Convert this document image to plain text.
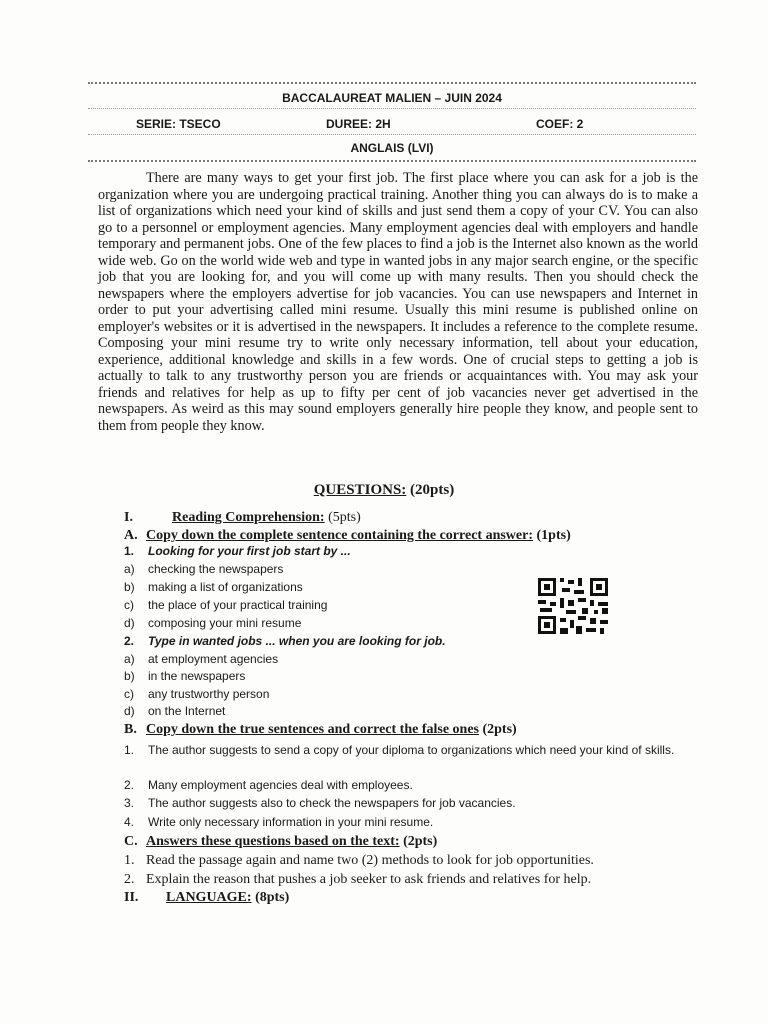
BACCALAUREAT MALIEN – JUIN 2024
SERIE: TSECO	DUREE: 2H	COEF: 2
ANGLAIS (LVI)
There are many ways to get your first job. The first place where you can ask for a job is the organization where you are undergoing practical training. Another thing you can always do is to make a list of organizations which need your kind of skills and just send them a copy of your CV. You can also go to a personnel or employment agencies. Many employment agencies deal with employers and handle temporary and permanent jobs. One of the few places to find a job is the Internet also known as the world wide web. Go on the world wide web and type in wanted jobs in any major search engine, or the specific job that you are looking for, and you will come up with many results. Then you should check the newspapers where the employers advertise for job vacancies. You can use newspapers and Internet in order to put your advertising called mini resume. Usually this mini resume is published online on employer's websites or it is advertised in the newspapers. It includes a reference to the complete resume. Composing your mini resume try to write only necessary information, tell about your education, experience, additional knowledge and skills in a few words. One of crucial steps to getting a job is actually to talk to any trustworthy person you are friends or acquaintances with. You may ask your friends and relatives for help as up to fifty per cent of job vacancies never get advertised in the newspapers. As weird as this may sound employers generally hire people they know, and people sent to them from people they know.
QUESTIONS: (20pts)
I.	Reading Comprehension: (5pts)
A. Copy down the complete sentence containing the correct answer: (1pts)
1. Looking for your first job start by ...
a) checking the newspapers
b) making a list of organizations
c) the place of your practical training
d) composing your mini resume
2. Type in wanted jobs ... when you are looking for job.
a) at employment agencies
b) in the newspapers
c) any trustworthy person
d) on the Internet
B. Copy down the true sentences and correct the false ones (2pts)
1. The author suggests to send a copy of your diploma to organizations which need your kind of skills.
2. Many employment agencies deal with employees.
3. The author suggests also to check the newspapers for job vacancies.
4. Write only necessary information in your mini resume.
C. Answers these questions based on the text: (2pts)
1. Read the passage again and name two (2) methods to look for job opportunities.
2. Explain the reason that pushes a job seeker to ask friends and relatives for help.
II. LANGUAGE: (8pts)
